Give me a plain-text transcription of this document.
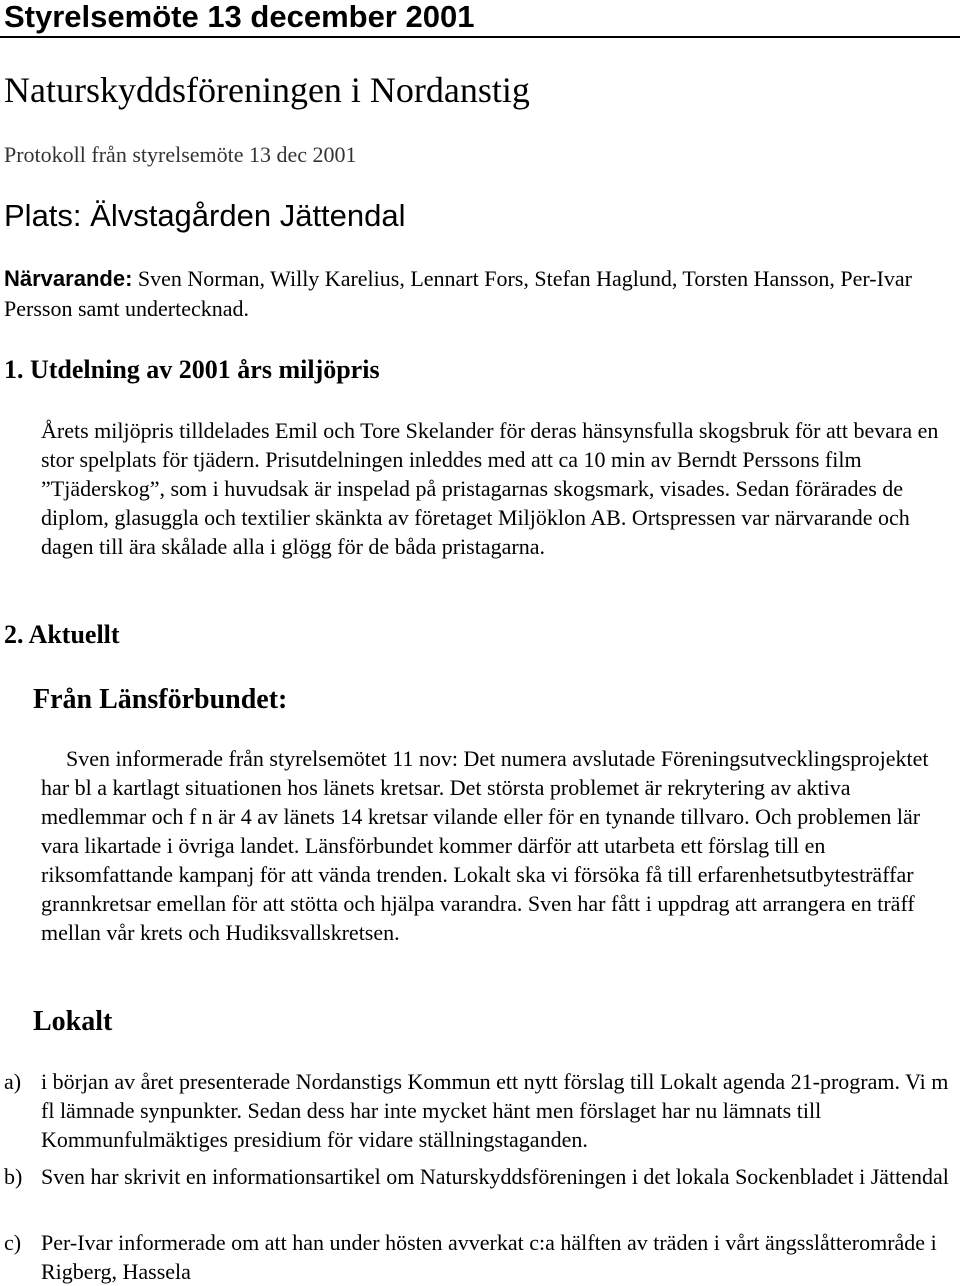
Styrelsemöte 13 december 2001
Naturskyddsföreningen i Nordanstig
Protokoll från styrelsemöte 13 dec 2001
Plats: Älvstagården Jättendal
Närvarande: Sven Norman, Willy Karelius, Lennart Fors, Stefan Haglund, Torsten Hansson, Per-Ivar Persson samt undertecknad.
1. Utdelning av 2001 års miljöpris
Årets miljöpris tilldelades Emil och Tore Skelander för deras hänsynsfulla skogsbruk för att bevara en stor spelplats för tjädern. Prisutdelningen inleddes med att ca 10 min av Berndt Perssons film ”Tjäderskog”, som i huvudsak är inspelad på pristagarnas skogsmark, visades. Sedan förärades de diplom, glasuggla och textilier skänkta av företaget Miljöklon AB. Ortspressen var närvarande och dagen till ära skålade alla i glögg för de båda pristagarna.
2. Aktuellt
Från Länsförbundet:
Sven informerade från styrelsemötet 11 nov: Det numera avslutade Föreningsutvecklingsprojektet har bl a kartlagt situationen hos länets kretsar. Det största problemet är rekrytering av aktiva medlemmar och f n är 4 av länets 14 kretsar vilande eller för en tynande tillvaro. Och problemen lär vara likartade i övriga landet. Länsförbundet kommer därför att utarbeta ett förslag till en riksomfattande kampanj för att vända trenden. Lokalt ska vi försöka få till erfarenhetsutbytesträffar grannkretsar emellan för att stötta och hjälpa varandra. Sven har fått i uppdrag att arrangera en träff mellan vår krets och Hudiksvallskretsen.
Lokalt
a) i början av året presenterade Nordanstigs Kommun ett nytt förslag till Lokalt agenda 21-program. Vi m fl lämnade synpunkter. Sedan dess har inte mycket hänt men förslaget har nu lämnats till Kommunfulmäktiges presidium för vidare ställningstaganden.
b) Sven har skrivit en informationsartikel om Naturskyddsföreningen i det lokala Sockenbladet i Jättendal
c) Per-Ivar informerade om att han under hösten avverkat c:a hälften av träden i vårt ängsslåtterområde i Rigberg, Hassela
